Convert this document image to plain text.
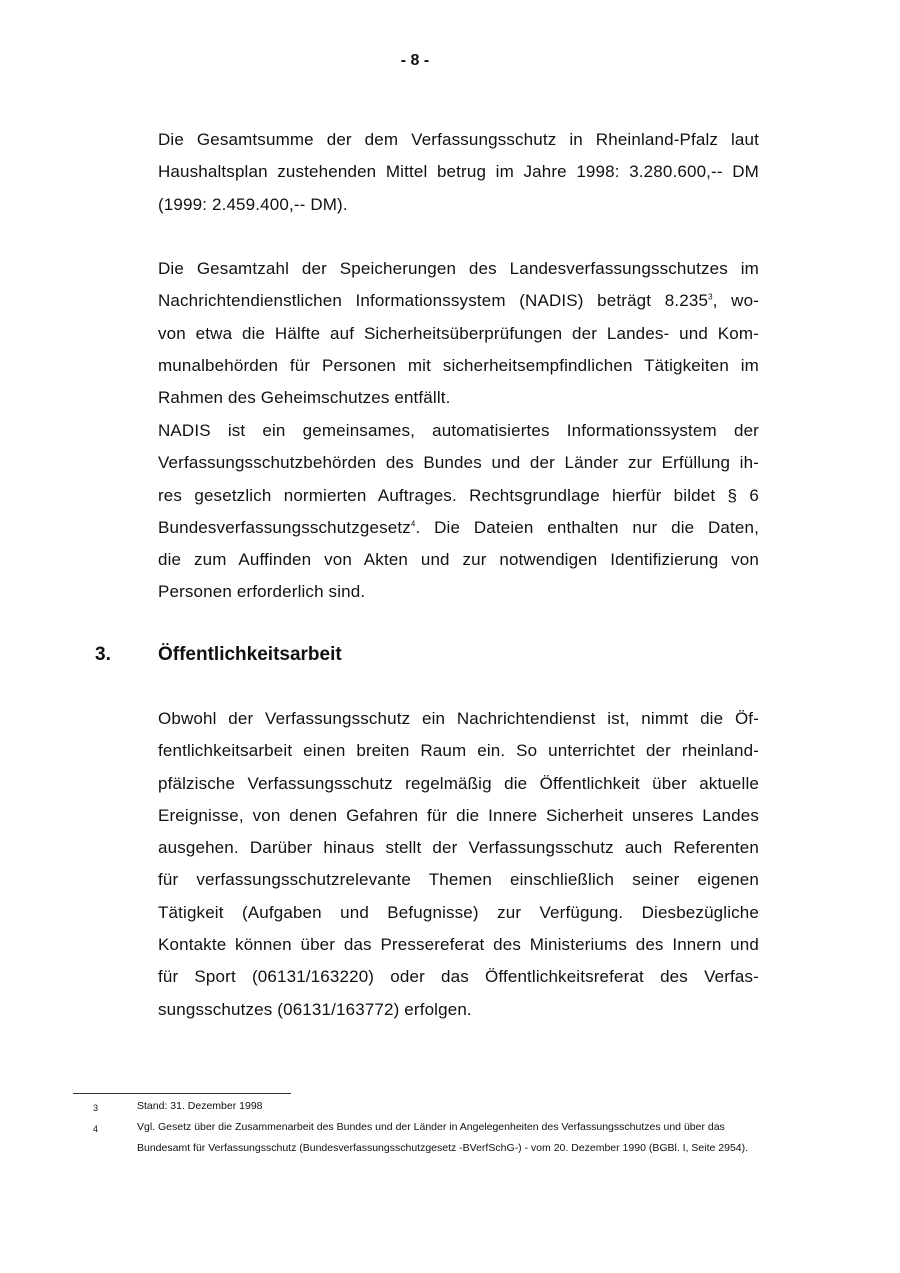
- 8 -
Die Gesamtsumme der dem Verfassungsschutz in Rheinland-Pfalz laut
Haushaltsplan zustehenden Mittel betrug im Jahre 1998: 3.280.600,-- DM
(1999: 2.459.400,-- DM).
Die Gesamtzahl der Speicherungen des Landesverfassungsschutzes im
Nachrichtendienstlichen Informationssystem (NADIS) beträgt 8.235$^3$, wo-
von etwa die Hälfte auf Sicherheitsüberprüfungen der Landes- und Kom-
munalbehörden für Personen mit sicherheitsempfindlichen Tätigkeiten im
Rahmen des Geheimschutzes entfällt.
NADIS ist ein gemeinsames, automatisiertes Informationssystem der
Verfassungsschutzbehörden des Bundes und der Länder zur Erfüllung ih-
res gesetzlich normierten Auftrages. Rechtsgrundlage hierfür bildet § 6
Bundesverfassungsschutzgesetz$^4$. Die Dateien enthalten nur die Daten,
die zum Auffinden von Akten und zur notwendigen Identifizierung von
Personen erforderlich sind.
3. Öffentlichkeitsarbeit
Obwohl der Verfassungsschutz ein Nachrichtendienst ist, nimmt die Öf-
fentlichkeitsarbeit einen breiten Raum ein. So unterrichtet der rheinland-
pfälzische Verfassungsschutz regelmäßig die Öffentlichkeit über aktuelle
Ereignisse, von denen Gefahren für die Innere Sicherheit unseres Landes
ausgehen. Darüber hinaus stellt der Verfassungsschutz auch Referenten
für verfassungsschutzrelevante Themen einschließlich seiner eigenen
Tätigkeit (Aufgaben und Befugnisse) zur Verfügung. Diesbezügliche
Kontakte können über das Pressereferat des Ministeriums des Innern und
für Sport (06131/163220) oder das Öffentlichkeitsreferat des Verfas-
sungsschutzes (06131/163772) erfolgen.
3	Stand: 31. Dezember 1998
4	Vgl. Gesetz über die Zusammenarbeit des Bundes und der Länder in Angelegenheiten des Verfassungsschutzes und über das Bundesamt für Verfassungsschutz (Bundesverfassungsschutzgesetz -BVerfSchG-) - vom 20. Dezember 1990 (BGBl. I, Seite 2954).
